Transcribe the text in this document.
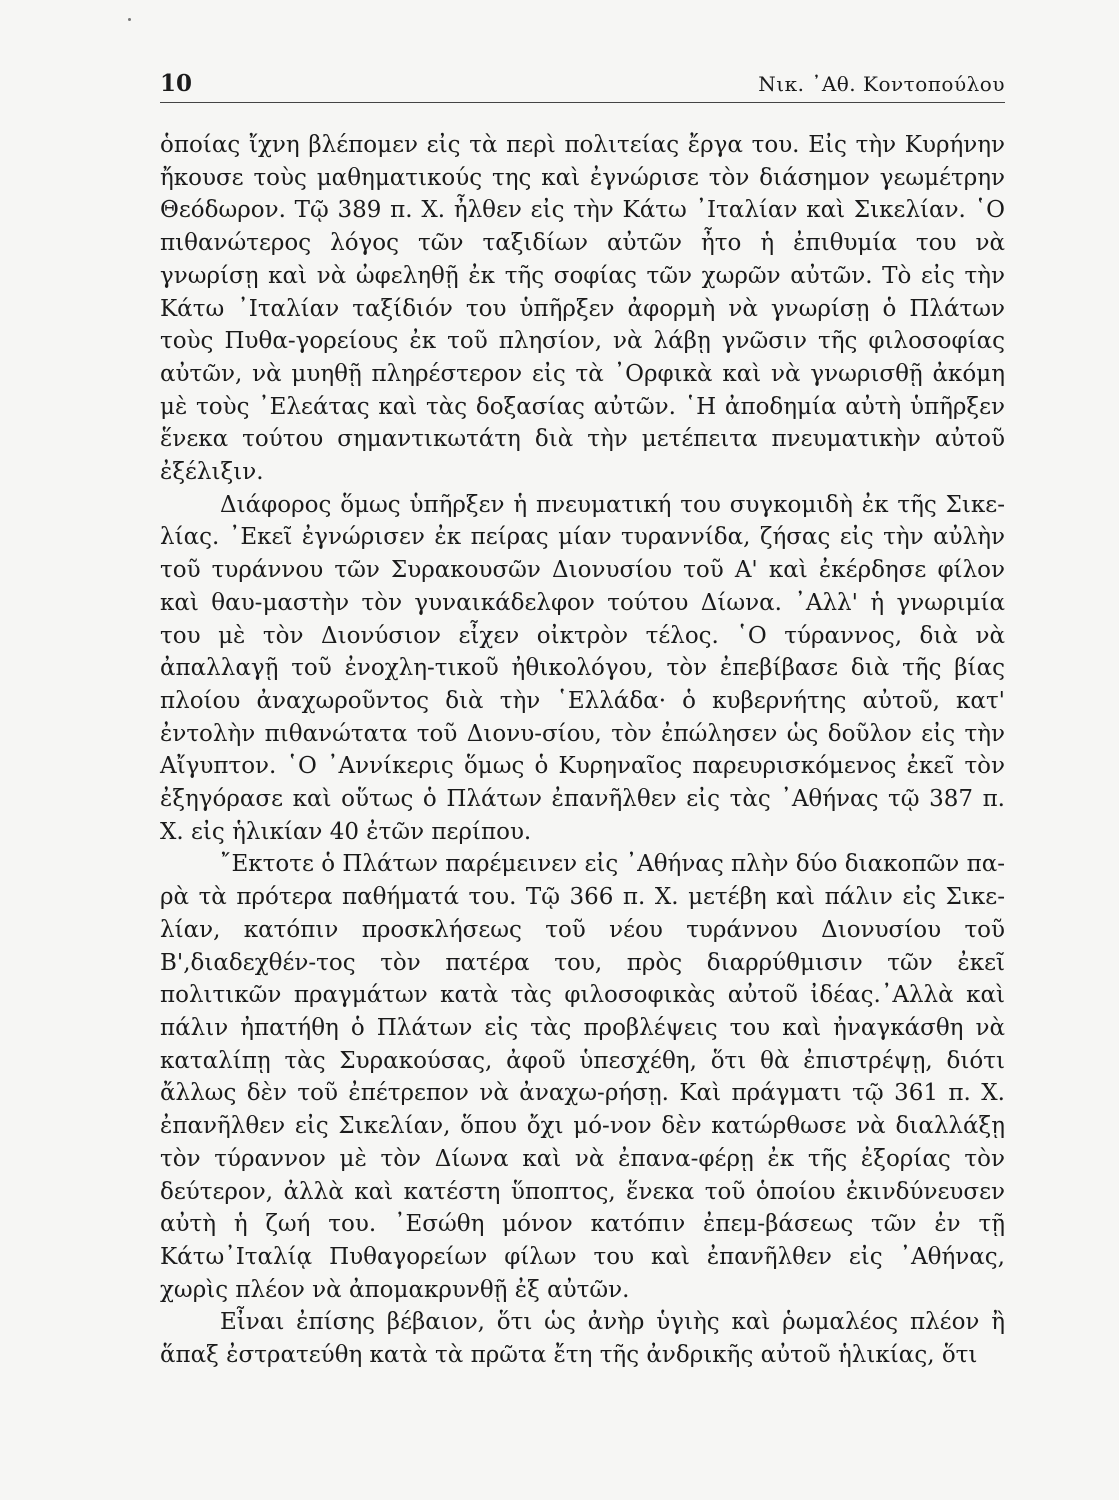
10	Νικ. ᾿Αθ. Κοντοπούλου

ὁποίας ἴχνη βλέπομεν εἰς τὰ περὶ πολιτείας ἔργα του. Εἰς τὴν Κυρήνην ἤκουσε τοὺς μαθηματικούς της καὶ ἐγνώρισε τὸν διάσημον γεωμέτρην Θεόδωρον. Τῷ 389 π. Χ. ἦλθεν εἰς τὴν Κάτω ᾿Ιταλίαν καὶ Σικελίαν. ῾Ο πιθανώτερος λόγος τῶν ταξιδίων αὐτῶν ἦτο ἡ ἐπιθυμία του νὰ γνωρίσῃ καὶ νὰ ὠφεληθῇ ἐκ τῆς σοφίας τῶν χωρῶν αὐτῶν. Τὸ εἰς τὴν Κάτω ᾿Ιταλίαν ταξίδιόν του ὑπῆρξεν ἀφορμὴ νὰ γνωρίσῃ ὁ Πλάτων τοὺς Πυθα-γορείους ἐκ τοῦ πλησίον, νὰ λάβῃ γνῶσιν τῆς φιλοσοφίας αὐτῶν, νὰ μυηθῇ πληρέστερον εἰς τὰ ᾿Ορφικὰ καὶ νὰ γνωρισθῇ ἀκόμη μὲ τοὺς ᾿Ελεάτας καὶ τὰς δοξασίας αὐτῶν. ῾Η ἀποδημία αὐτὴ ὑπῆρξεν ἕνεκα τούτου σημαντικωτάτη διὰ τὴν μετέπειτα πνευματικὴν αὐτοῦ ἐξέλιξιν.

Διάφορος ὅμως ὑπῆρξεν ἡ πνευματική του συγκομιδὴ ἐκ τῆς Σικε-λίας. ᾿Εκεῖ ἐγνώρισεν ἐκ πείρας μίαν τυραννίδα, ζήσας εἰς τὴν αὐλὴν τοῦ τυράννου τῶν Συρακουσῶν Διονυσίου τοῦ Α' καὶ ἐκέρδησε φίλον καὶ θαυ-μαστὴν τὸν γυναικάδελφον τούτου Δίωνα. ᾿Αλλ' ἡ γνωριμία του μὲ τὸν Διονύσιον εἶχεν οἰκτρὸν τέλος. ῾Ο τύραννος, διὰ νὰ ἀπαλλαγῇ τοῦ ἐνοχλη-τικοῦ ἠθικολόγου, τὸν ἐπεβίβασε διὰ τῆς βίας πλοίου ἀναχωροῦντος διὰ τὴν ῾Ελλάδα· ὁ κυβερνήτης αὐτοῦ, κατ' ἐντολὴν πιθανώτατα τοῦ Διονυ-σίου, τὸν ἐπώλησεν ὡς δοῦλον εἰς τὴν Αἴγυπτον. ῾Ο ᾿Αννίκερις ὅμως ὁ Κυρηναῖος παρευρισκόμενος ἐκεῖ τὸν ἐξηγόρασε καὶ οὕτως ὁ Πλάτων ἐπανῆλθεν εἰς τὰς ᾿Αθήνας τῷ 387 π. Χ. εἰς ἡλικίαν 40 ἐτῶν περίπου.

῎Εκτοτε ὁ Πλάτων παρέμεινεν εἰς ᾿Αθήνας πλὴν δύο διακοπῶν πα-ρὰ τὰ πρότερα παθήματά του. Τῷ 366 π. Χ. μετέβη καὶ πάλιν εἰς Σικε-λίαν, κατόπιν προσκλήσεως τοῦ νέου τυράννου Διονυσίου τοῦ Β',διαδεχθέν-τος τὸν πατέρα του, πρὸς διαρρύθμισιν τῶν ἐκεῖ πολιτικῶν πραγμάτων κατὰ τὰς φιλοσοφικὰς αὐτοῦ ἰδέας.᾿Αλλὰ καὶ πάλιν ἠπατήθη ὁ Πλάτων εἰς τὰς προβλέψεις του καὶ ἠναγκάσθη νὰ καταλίπῃ τὰς Συρακούσας, ἀφοῦ ὑπεσχέθη, ὅτι θὰ ἐπιστρέψῃ, διότι ἄλλως δὲν τοῦ ἐπέτρεπον νὰ ἀναχω-ρήσῃ. Καὶ πράγματι τῷ 361 π. Χ. ἐπανῆλθεν εἰς Σικελίαν, ὅπου ὄχι μό-νον δὲν κατώρθωσε νὰ διαλλάξῃ τὸν τύραννον μὲ τὸν Δίωνα καὶ νὰ ἐπανα-φέρῃ ἐκ τῆς ἐξορίας τὸν δεύτερον, ἀλλὰ καὶ κατέστη ὕποπτος, ἕνεκα τοῦ ὁποίου ἐκινδύνευσεν αὐτὴ ἡ ζωή του. ᾿Εσώθη μόνον κατόπιν ἐπεμ-βάσεως τῶν ἐν τῇ Κάτω᾿Ιταλίᾳ Πυθαγορείων φίλων του καὶ ἐπανῆλθεν εἰς ᾿Αθήνας, χωρὶς πλέον νὰ ἀπομακρυνθῇ ἐξ αὐτῶν.

Εἶναι ἐπίσης βέβαιον, ὅτι ὡς ἀνὴρ ὑγιὴς καὶ ῥωμαλέος πλέον ἢ ἅπαξ ἐστρατεύθη κατὰ τὰ πρῶτα ἔτη τῆς ἀνδρικῆς αὐτοῦ ἡλικίας, ὅτι
